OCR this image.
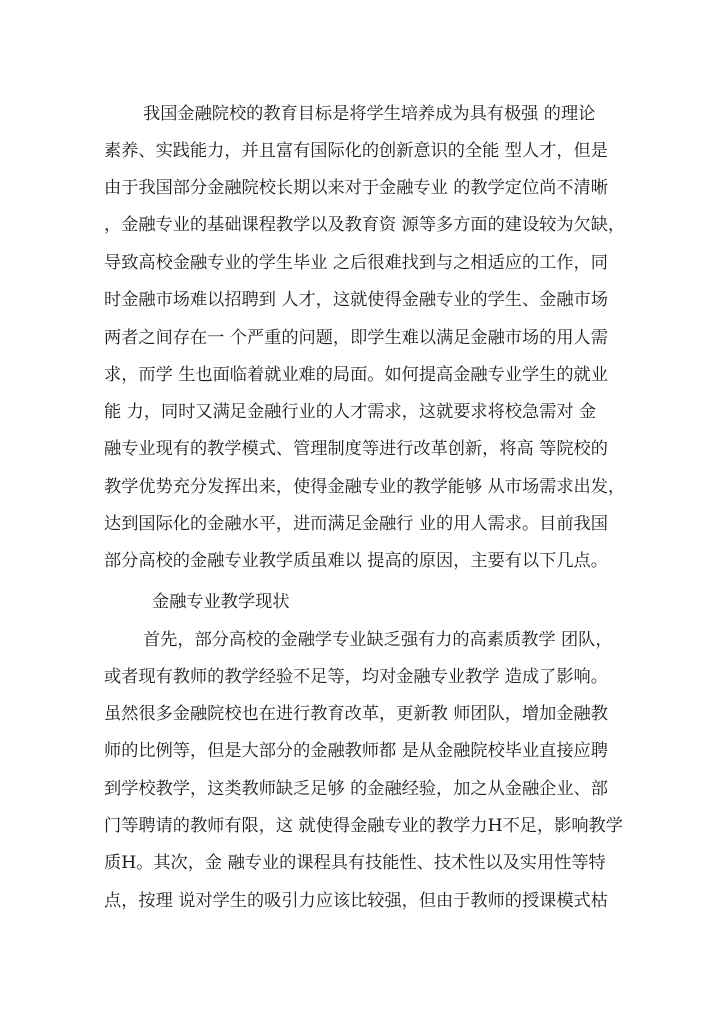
我国金融院校的教育目标是将学生培养成为具有极强 的理论
素养、实践能力，并且富有国际化的创新意识的全能 型人才，但是
由于我国部分金融院校长期以来对于金融专业 的教学定位尚不清晰
，金融专业的基础课程教学以及教育资 源等多方面的建设较为欠缺，
导致高校金融专业的学生毕业 之后很难找到与之相适应的工作，同
时金融市场难以招聘到 人才，这就使得金融专业的学生、金融市场
两者之间存在一 个严重的问题，即学生难以满足金融市场的用人需
求，而学 生也面临着就业难的局面。如何提高金融专业学生的就业
能 力，同时又满足金融行业的人才需求，这就要求将校急需对 金
融专业现有的教学模式、管理制度等进行改革创新，将高 等院校的
教学优势充分发挥出来，使得金融专业的教学能够 从市场需求出发，
达到国际化的金融水平，进而满足金融行 业的用人需求。目前我国
部分高校的金融专业教学质虽难以 提高的原因，主要有以下几点。
金融专业教学现状
首先，部分高校的金融学专业缺乏强有力的高素质教学 团队，
或者现有教师的教学经验不足等，均对金融专业教学 造成了影响。
虽然很多金融院校也在进行教育改革，更新教 师团队，增加金融教
师的比例等，但是大部分的金融教师都 是从金融院校毕业直接应聘
到学校教学，这类教师缺乏足够 的金融经验，加之从金融企业、部
门等聘请的教师有限，这 就使得金融专业的教学力H不足，影响教学
质H。其次，金 融专业的课程具有技能性、技术性以及实用性等特
点，按理 说对学生的吸引力应该比较强，但由于教师的授课模式枯
